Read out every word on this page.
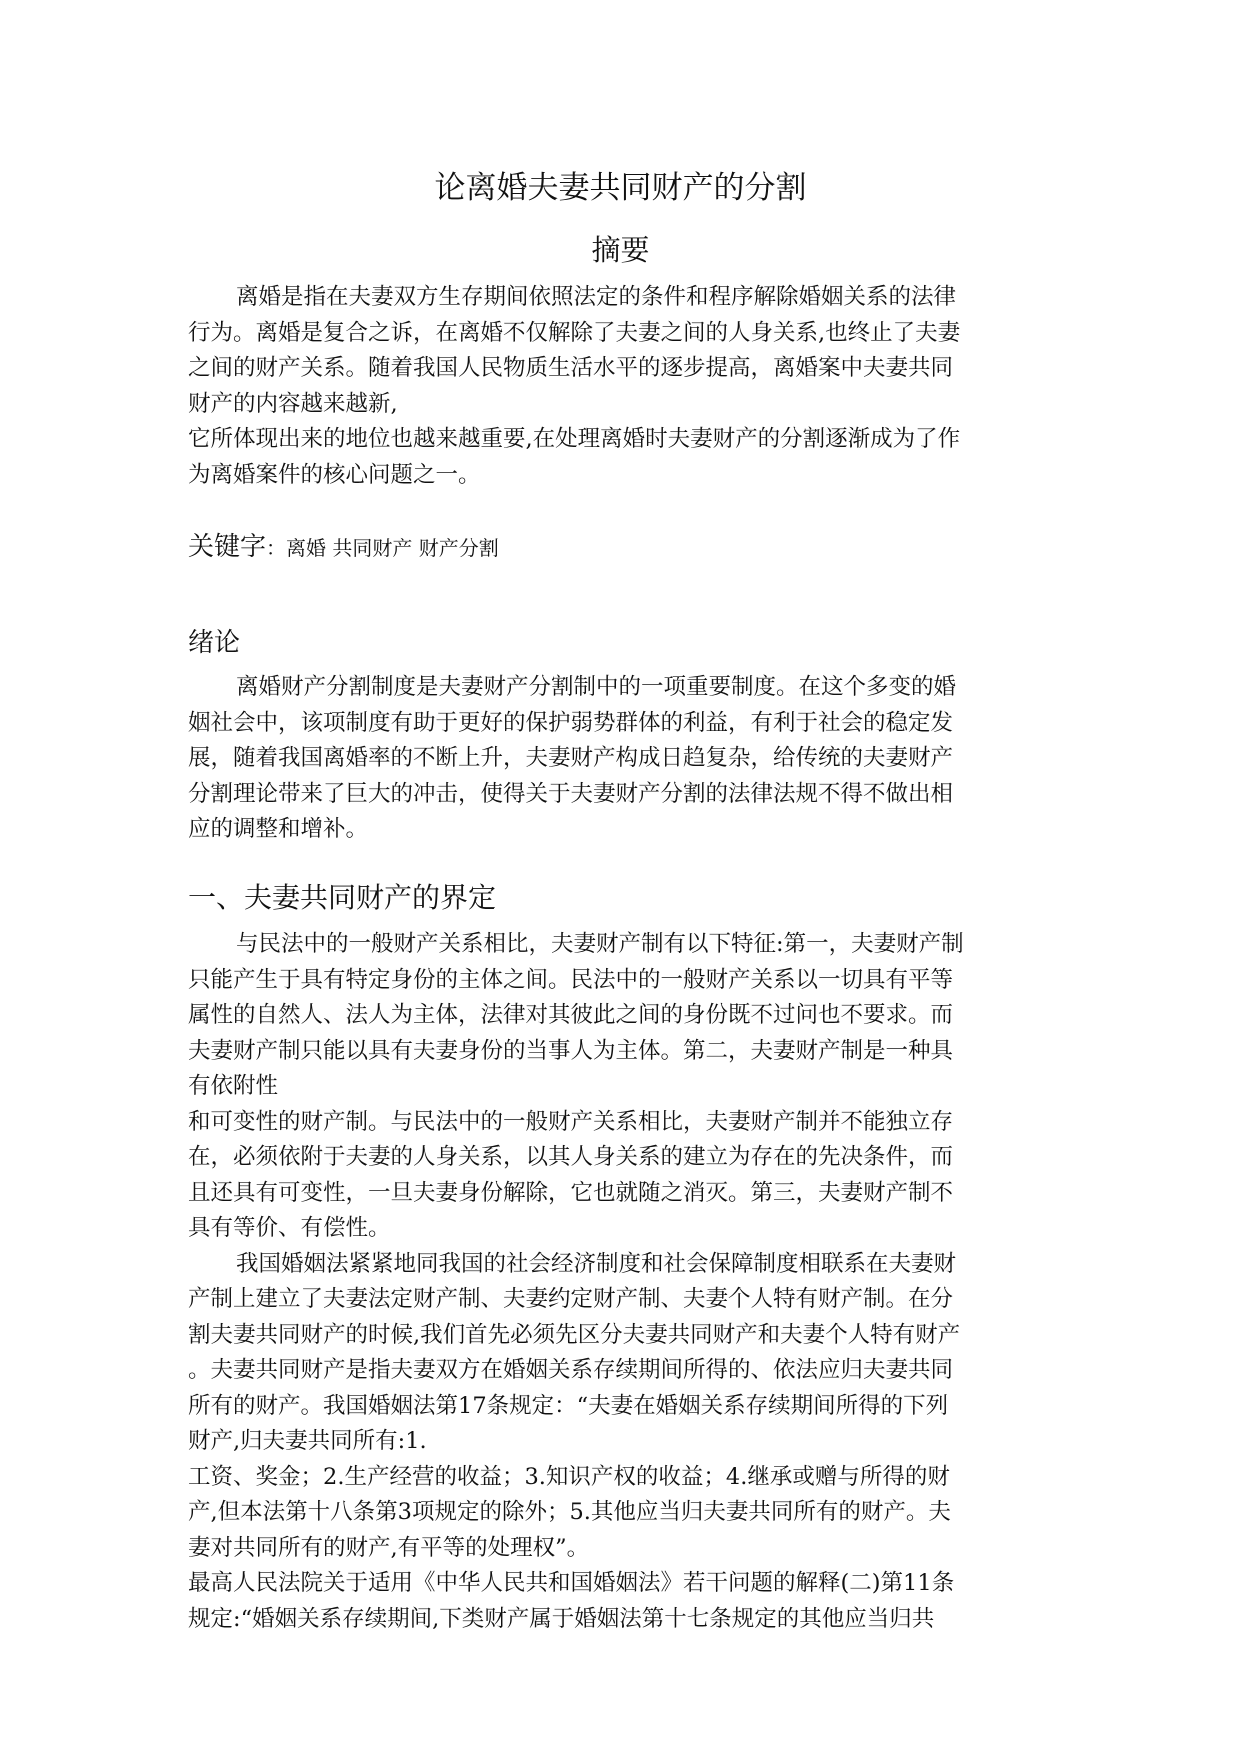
论离婚夫妻共同财产的分割
摘要

离婚是指在夫妻双方生存期间依照法定的条件和程序解除婚姻关系的法律

行为。离婚是复合之诉，在离婚不仅解除了夫妻之间的人身关系,也终止了夫妻

之间的财产关系。随着我国人民物质生活水平的逐步提高，离婚案中夫妻共同

财产的内容越来越新,

它所体现出来的地位也越来越重要,在处理离婚时夫妻财产的分割逐渐成为了作

为离婚案件的核心问题之一。

关键字：离婚 共同财产 财产分割
绪论

离婚财产分割制度是夫妻财产分割制中的一项重要制度。在这个多变的婚

姻社会中，该项制度有助于更好的保护弱势群体的利益，有利于社会的稳定发

展，随着我国离婚率的不断上升，夫妻财产构成日趋复杂，给传统的夫妻财产

分割理论带来了巨大的冲击，使得关于夫妻财产分割的法律法规不得不做出相

应的调整和增补。

一、夫妻共同财产的界定

与民法中的一般财产关系相比，夫妻财产制有以下特征:第一，夫妻财产制

只能产生于具有特定身份的主体之间。民法中的一般财产关系以一切具有平等

属性的自然人、法人为主体，法律对其彼此之间的身份既不过问也不要求。而

夫妻财产制只能以具有夫妻身份的当事人为主体。第二，夫妻财产制是一种具

有依附性

和可变性的财产制。与民法中的一般财产关系相比，夫妻财产制并不能独立存

在，必须依附于夫妻的人身关系，以其人身关系的建立为存在的先决条件，而

且还具有可变性，一旦夫妻身份解除，它也就随之消灭。第三，夫妻财产制不

具有等价、有偿性。

我国婚姻法紧紧地同我国的社会经济制度和社会保障制度相联系在夫妻财

产制上建立了夫妻法定财产制、夫妻约定财产制、夫妻个人特有财产制。在分

割夫妻共同财产的时候,我们首先必须先区分夫妻共同财产和夫妻个人特有财产

。夫妻共同财产是指夫妻双方在婚姻关系存续期间所得的、依法应归夫妻共同

所有的财产。我国婚姻法第17条规定：“夫妻在婚姻关系存续期间所得的下列

财产,归夫妻共同所有:1.

工资、奖金；2.生产经营的收益；3.知识产权的收益；4.继承或赠与所得的财

产,但本法第十八条第3项规定的除外；5.其他应当归夫妻共同所有的财产。夫

妻对共同所有的财产,有平等的处理权”。

最高人民法院关于适用《中华人民共和国婚姻法》若干问题的解释(二)第11条

规定:“婚姻关系存续期间,下类财产属于婚姻法第十七条规定的其他应当归共
